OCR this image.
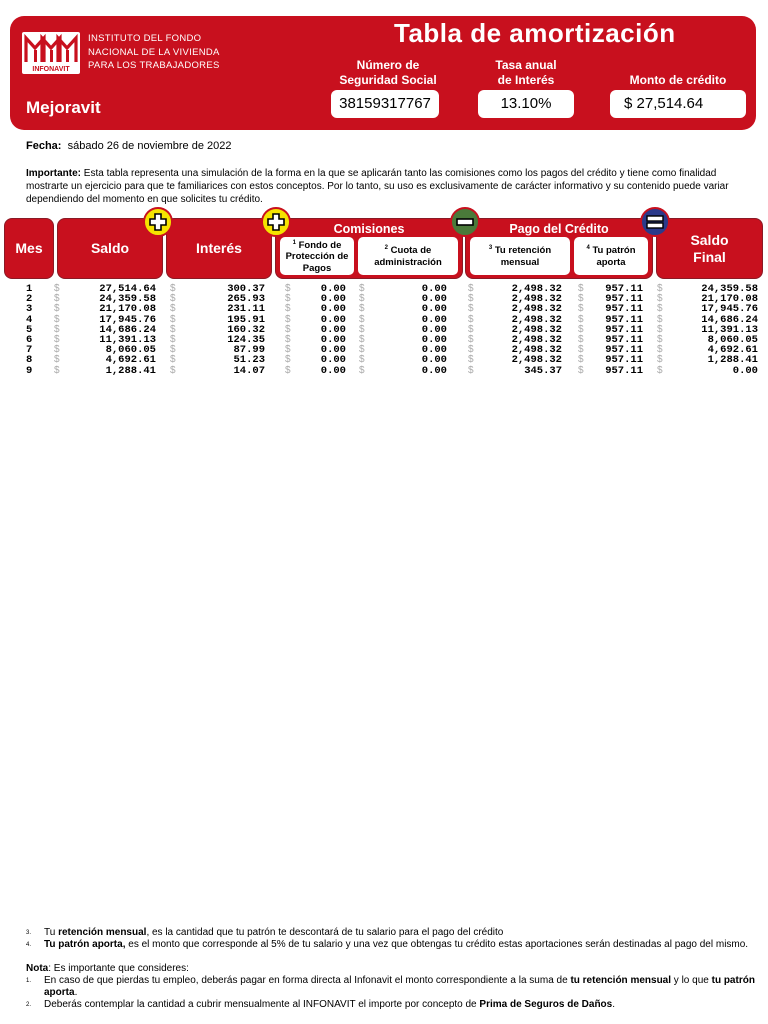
INFONAVIT
INSTITUTO DEL FONDO
NACIONAL DE LA VIVIENDA
PARA LOS TRABAJADORES
Mejoravit
Tabla de amortización
Número de
Seguridad Social
38159317767
Tasa anual
de Interés
13.10%
Monto de crédito
$ 27,514.64
Fecha: sábado 26 de noviembre de 2022
Importante: Esta tabla representa una simulación de la forma en la que se aplicarán tanto las comisiones como los pagos del crédito y tiene como finalidad mostrarte un ejercicio para que te familiarices con estos conceptos. Por lo tanto, su uso es exclusivamente de carácter informativo y su contenido puede variar dependiendo del momento en que solicites tu crédito.
Mes	Saldo	Interés
Comisiones
$^1$ Fondo de
Protección de
Pagos
$^2$ Cuota de
administración
Pago del Crédito
$^3$ Tu retención
mensual
$^4$ Tu patrón
aporta
Saldo
Final
1 $	27,514.64 $	300.37 $	0.00 $	0.00 $	2,498.32 $ 957.11 $	24,359.58
2 $	24,359.58 $	265.93 $	0.00 $	0.00 $	2,498.32 $ 957.11 $	21,170.08
3 $	21,170.08 $	231.11 $	0.00 $	0.00 $	2,498.32 $ 957.11 $	17,945.76
4 $	17,945.76 $	195.91 $	0.00 $	0.00 $	2,498.32 $ 957.11 $	14,686.24
5 $	14,686.24 $	160.32 $	0.00 $	0.00 $	2,498.32 $ 957.11 $	11,391.13
6 $	11,391.13 $	124.35 $	0.00 $	0.00 $	2,498.32 $ 957.11 $	8,060.05
7 $	8,060.05 $	87.99 $	0.00 $	0.00 $	2,498.32 $ 957.11 $	4,692.61
8 $	4,692.61 $	51.23 $	0.00 $	0.00 $	2,498.32 $ 957.11 $	1,288.41
9 $	1,288.41 $	14.07 $	0.00 $	0.00 $	345.37 $ 957.11 $	0.00
3. Tu retención mensual, es la cantidad que tu patrón te descontará de tu salario para el pago del crédito
4. Tu patrón aporta, es el monto que corresponde al 5% de tu salario y una vez que obtengas tu crédito estas aportaciones serán destinadas al pago del mismo.
Nota: Es importante que consideres:
1. En caso de que pierdas tu empleo, deberás pagar en forma directa al Infonavit el monto correspondiente a la suma de tu retención mensual y lo que tu patrón aporta.
2. Deberás contemplar la cantidad a cubrir mensualmente al INFONAVIT el importe por concepto de Prima de Seguros de Daños.
